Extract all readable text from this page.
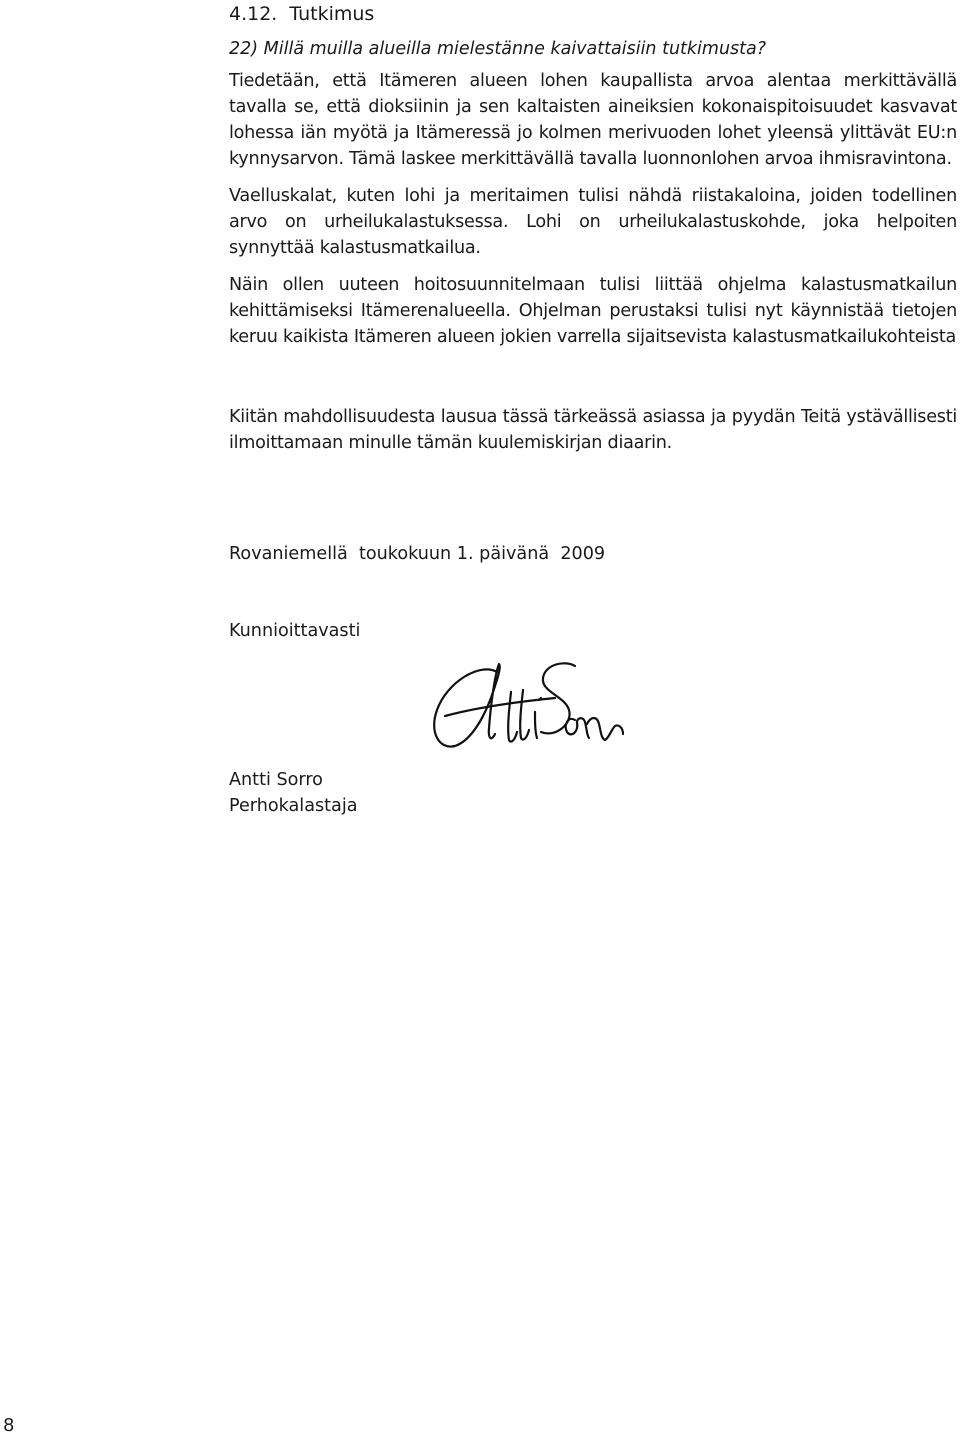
4.12. Tutkimus

22) Millä muilla alueilla mielestänne kaivattaisiin tutkimusta?

Tiedetään, että Itämeren alueen lohen kaupallista arvoa alentaa merkittävällä tavalla se, että dioksiinin ja sen kaltaisten aineiksien kokonaispitoisuudet kasvavat lohessa iän myötä ja Itämeressä jo kolmen merivuoden lohet yleensä ylittävät EU:n kynnysarvon. Tämä laskee merkittävällä tavalla luonnonlohen arvoa ihmisravintona.

Vaelluskalat, kuten lohi ja meritaimen tulisi nähdä riistakaloina, joiden todellinen arvo on urheilukalastuksessa. Lohi on urheilukalastuskohde, joka helpoiten synnyttää kalastusmatkailua.

Näin ollen uuteen hoitosuunnitelmaan tulisi liittää ohjelma kalastusmatkailun kehittämiseksi Itämerenalueella. Ohjelman perustaksi tulisi nyt käynnistää tietojen keruu kaikista Itämeren alueen jokien varrella sijaitsevista kalastusmatkailukohteista

Kiitän mahdollisuudesta lausua tässä tärkeässä asiassa ja pyydän Teitä ystävällisesti ilmoittamaan minulle tämän kuulemiskirjan diaarin.

Rovaniemellä  toukokuun 1. päivänä  2009

Kunnioittavasti

Antti Sorro
Perhokalastaja

8
